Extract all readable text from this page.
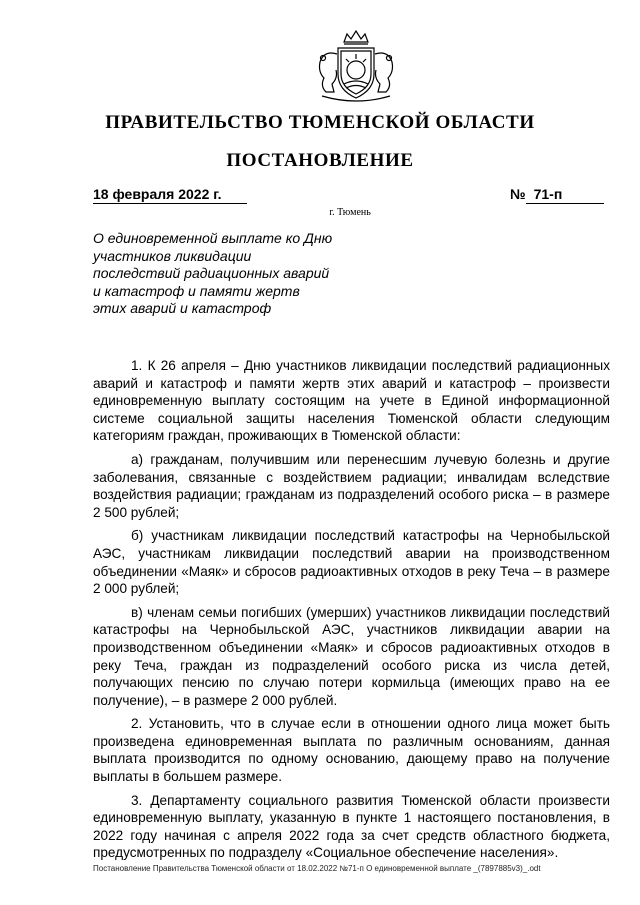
ПРАВИТЕЛЬСТВО ТЮМЕНСКОЙ ОБЛАСТИ
ПОСТАНОВЛЕНИЕ
18 февраля 2022 г.	№ 71-п
г. Тюмень
О единовременной выплате ко Дню
участников ликвидации
последствий радиационных аварий
и катастроф и памяти жертв
этих аварий и катастроф

1. К 26 апреля – Дню участников ликвидации последствий радиационных аварий и катастроф и памяти жертв этих аварий и катастроф – произвести единовременную выплату состоящим на учете в Единой информационной системе социальной защиты населения Тюменской области следующим категориям граждан, проживающих в Тюменской области:

а) гражданам, получившим или перенесшим лучевую болезнь и другие заболевания, связанные с воздействием радиации; инвалидам вследствие воздействия радиации; гражданам из подразделений особого риска – в размере 2 500 рублей;

б) участникам ликвидации последствий катастрофы на Чернобыльской АЭС, участникам ликвидации последствий аварии на производственном объединении «Маяк» и сбросов радиоактивных отходов в реку Теча – в размере 2 000 рублей;

в) членам семьи погибших (умерших) участников ликвидации последствий катастрофы на Чернобыльской АЭС, участников ликвидации аварии на производственном объединении «Маяк» и сбросов радиоактивных отходов в реку Теча, граждан из подразделений особого риска из числа детей, получающих пенсию по случаю потери кормильца (имеющих право на ее получение), – в размере 2 000 рублей.

2. Установить, что в случае если в отношении одного лица может быть произведена единовременная выплата по различным основаниям, данная выплата производится по одному основанию, дающему право на получение выплаты в большем размере.

3. Департаменту социального развития Тюменской области произвести единовременную выплату, указанную в пункте 1 настоящего постановления, в 2022 году начиная с апреля 2022 года за счет средств областного бюджета, предусмотренных по подразделу «Социальное обеспечение населения».

Постановление Правительства Тюменской области от 18.02.2022 №71-п О единовременной выплате _(7897885v3)_.odt
